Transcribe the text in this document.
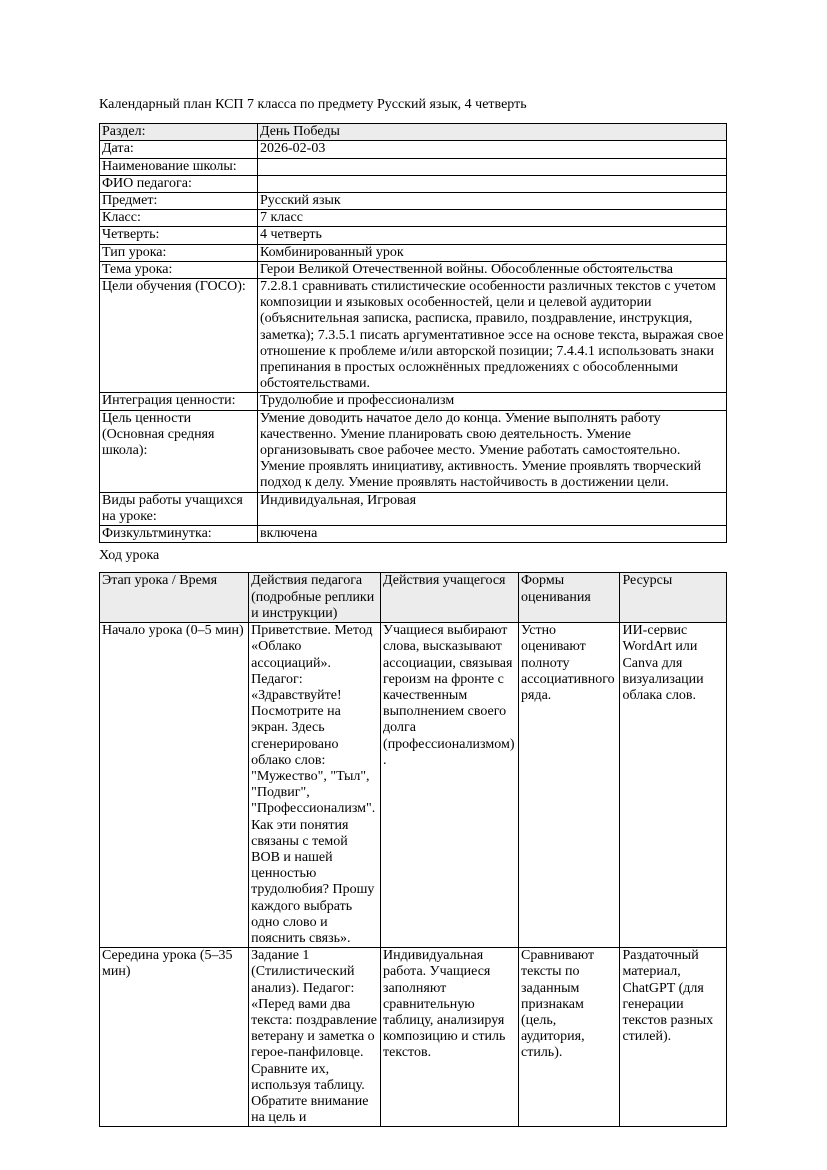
Календарный план КСП 7 класса по предмету Русский язык, 4 четверть

Раздел:	День Победы
Дата:	2026-02-03
Наименование школы:	
ФИО педагога:	
Предмет:	Русский язык
Класс:	7 класс
Четверть:	4 четверть
Тип урока:	Комбинированный урок
Тема урока:	Герои Великой Отечественной войны. Обособленные обстоятельства
Цели обучения (ГОСО):	7.2.8.1 сравнивать стилистические особенности различных текстов с учетом композиции и языковых особенностей, цели и целевой аудитории (объяснительная записка, расписка, правило, поздравление, инструкция, заметка); 7.3.5.1 писать аргументативное эссе на основе текста, выражая свое отношение к проблеме и/или авторской позиции; 7.4.4.1 использовать знаки препинания в простых осложнённых предложениях с обособленными обстоятельствами.
Интеграция ценности:	Трудолюбие и профессионализм
Цель ценности (Основная средняя школа):	Умение доводить начатое дело до конца. Умение выполнять работу качественно. Умение планировать свою деятельность. Умение организовывать свое рабочее место. Умение работать самостоятельно. Умение проявлять инициативу, активность. Умение проявлять творческий подход к делу. Умение проявлять настойчивость в достижении цели.
Виды работы учащихся на уроке:	Индивидуальная, Игровая
Физкультминутка:	включена

Ход урока

Этап урока / Время	Действия педагога (подробные реплики и инструкции)	Действия учащегося	Формы оценивания	Ресурсы
Начало урока (0–5 мин)	Приветствие. Метод «Облако ассоциаций». Педагог: «Здравствуйте! Посмотрите на экран. Здесь сгенерировано облако слов: "Мужество", "Тыл", "Подвиг", "Профессионализм". Как эти понятия связаны с темой ВОВ и нашей ценностью трудолюбия? Прошу каждого выбрать одно слово и пояснить связь».	Учащиеся выбирают слова, высказывают ассоциации, связывая героизм на фронте с качественным выполнением своего долга (профессионализмом).	Устно оценивают полноту ассоциативного ряда.	ИИ-сервис WordArt или Canva для визуализации облака слов.
Середина урока (5–35 мин)	Задание 1 (Стилистический анализ). Педагог: «Перед вами два текста: поздравление ветерану и заметка о герое-панфиловце. Сравните их, используя таблицу. Обратите внимание на цель и	Индивидуальная работа. Учащиеся заполняют сравнительную таблицу, анализируя композицию и стиль текстов.	Сравнивают тексты по заданным признакам (цель, аудитория, стиль).	Раздаточный материал, ChatGPT (для генерации текстов разных стилей).
